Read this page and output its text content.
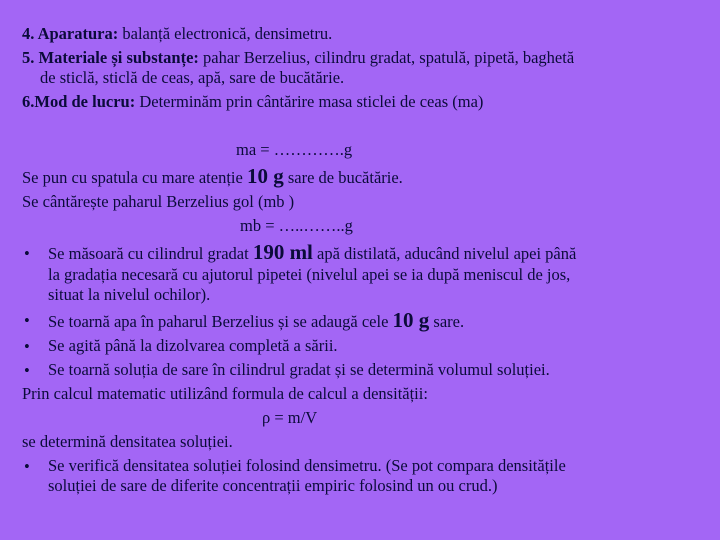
4. Aparatura: balanță electronică, densimetru.
5. Materiale și substanțe: pahar Berzelius, cilindru gradat, spatulă, pipetă, baghetă
de sticlă, sticlă de ceas, apă, sare de bucătărie.
6.Mod de lucru: Determinăm prin cântărire masa sticlei de ceas (ma)
ma = ………….g
Se pun cu spatula cu mare atenție 10 g sare de bucătărie.
Se cântărește paharul Berzelius gol (mb )
mb = …..……..g
• Se măsoară cu cilindrul gradat 190 ml apă distilată, aducând nivelul apei până
la gradația necesară cu ajutorul pipetei (nivelul apei se ia după meniscul de jos,
situat la nivelul ochilor).
• Se toarnă apa în paharul Berzelius și se adaugă cele 10 g sare.
• Se agită până la dizolvarea completă a sării.
• Se toarnă soluția de sare în cilindrul gradat și se determină volumul soluției.
Prin calcul matematic utilizând formula de calcul a densității:
ρ = m/V
se determină densitatea soluției.
• Se verifică densitatea soluției folosind densimetru. (Se pot compara densitățile
soluției de sare de diferite concentrații empiric folosind un ou crud.)
